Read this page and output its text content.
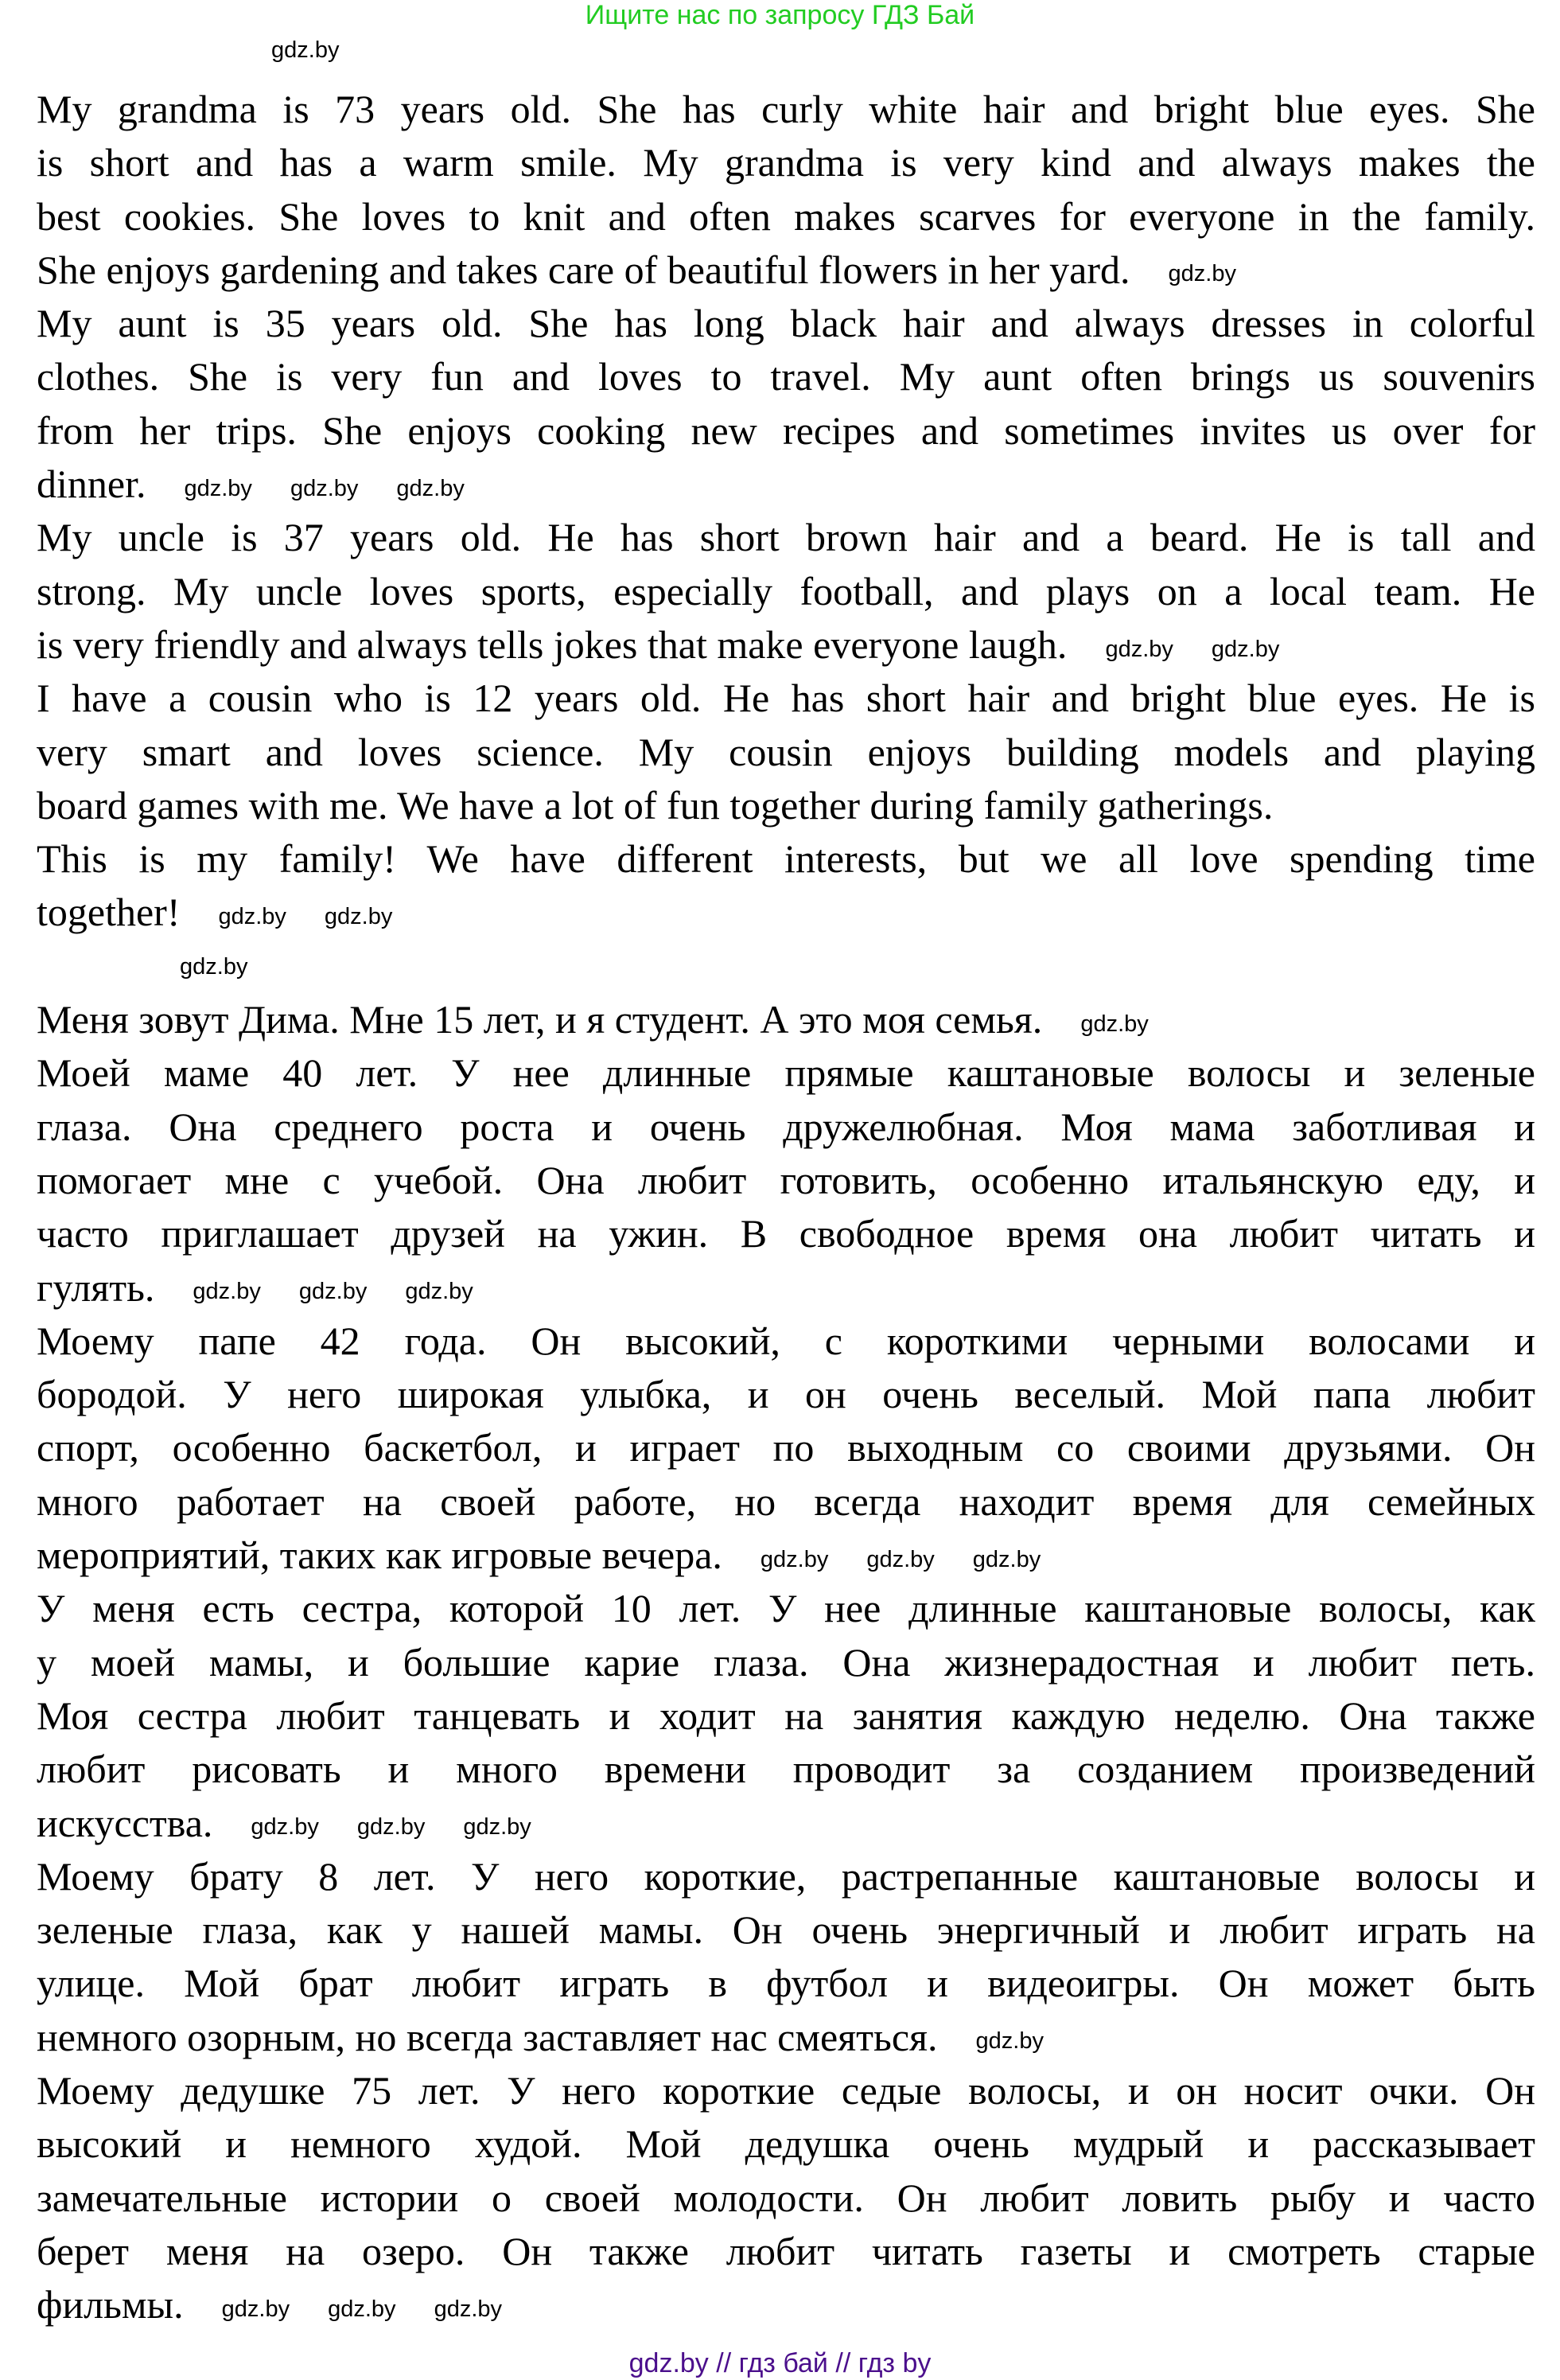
Ищите нас по запросу ГДЗ Бай
gdz.by
My grandma is 73 years old. She has curly white hair and bright blue eyes. She
is short and has a warm smile. My grandma is very kind and always makes the
best cookies. She loves to knit and often makes scarves for everyone in the family.
She enjoys gardening and takes care of beautiful flowers in her yard. gdz.by
My aunt is 35 years old. She has long black hair and always dresses in colorful
clothes. She is very fun and loves to travel. My aunt often brings us souvenirs
from her trips. She enjoys cooking new recipes and sometimes invites us over for
dinner. gdz.by gdz.by gdz.by
My uncle is 37 years old. He has short brown hair and a beard. He is tall and
strong. My uncle loves sports, especially football, and plays on a local team. He
is very friendly and always tells jokes that make everyone laugh. gdz.by gdz.by
I have a cousin who is 12 years old. He has short hair and bright blue eyes. He is
very smart and loves science. My cousin enjoys building models and playing
board games with me. We have a lot of fun together during family gatherings.
This is my family! We have different interests, but we all love spending time
together! gdz.by gdz.by
gdz.by
Меня зовут Дима. Мне 15 лет, и я студент. А это моя семья. gdz.by
Моей маме 40 лет. У нее длинные прямые каштановые волосы и зеленые
глаза. Она среднего роста и очень дружелюбная. Моя мама заботливая и
помогает мне с учебой. Она любит готовить, особенно итальянскую еду, и
часто приглашает друзей на ужин. В свободное время она любит читать и
гулять. gdz.by gdz.by gdz.by
Моему папе 42 года. Он высокий, с короткими черными волосами и
бородой. У него широкая улыбка, и он очень веселый. Мой папа любит
спорт, особенно баскетбол, и играет по выходным со своими друзьями. Он
много работает на своей работе, но всегда находит время для семейных
мероприятий, таких как игровые вечера. gdz.by gdz.by gdz.by
У меня есть сестра, которой 10 лет. У нее длинные каштановые волосы, как
у моей мамы, и большие карие глаза. Она жизнерадостная и любит петь.
Моя сестра любит танцевать и ходит на занятия каждую неделю. Она также
любит рисовать и много времени проводит за созданием произведений
искусства. gdz.by gdz.by gdz.by
Моему брату 8 лет. У него короткие, растрепанные каштановые волосы и
зеленые глаза, как у нашей мамы. Он очень энергичный и любит играть на
улице. Мой брат любит играть в футбол и видеоигры. Он может быть
немного озорным, но всегда заставляет нас смеяться. gdz.by
Моему дедушке 75 лет. У него короткие седые волосы, и он носит очки. Он
высокий и немного худой. Мой дедушка очень мудрый и рассказывает
замечательные истории о своей молодости. Он любит ловить рыбу и часто
берет меня на озеро. Он также любит читать газеты и смотреть старые
фильмы. gdz.by gdz.by gdz.by
gdz.by // гдз бай // гдз by
